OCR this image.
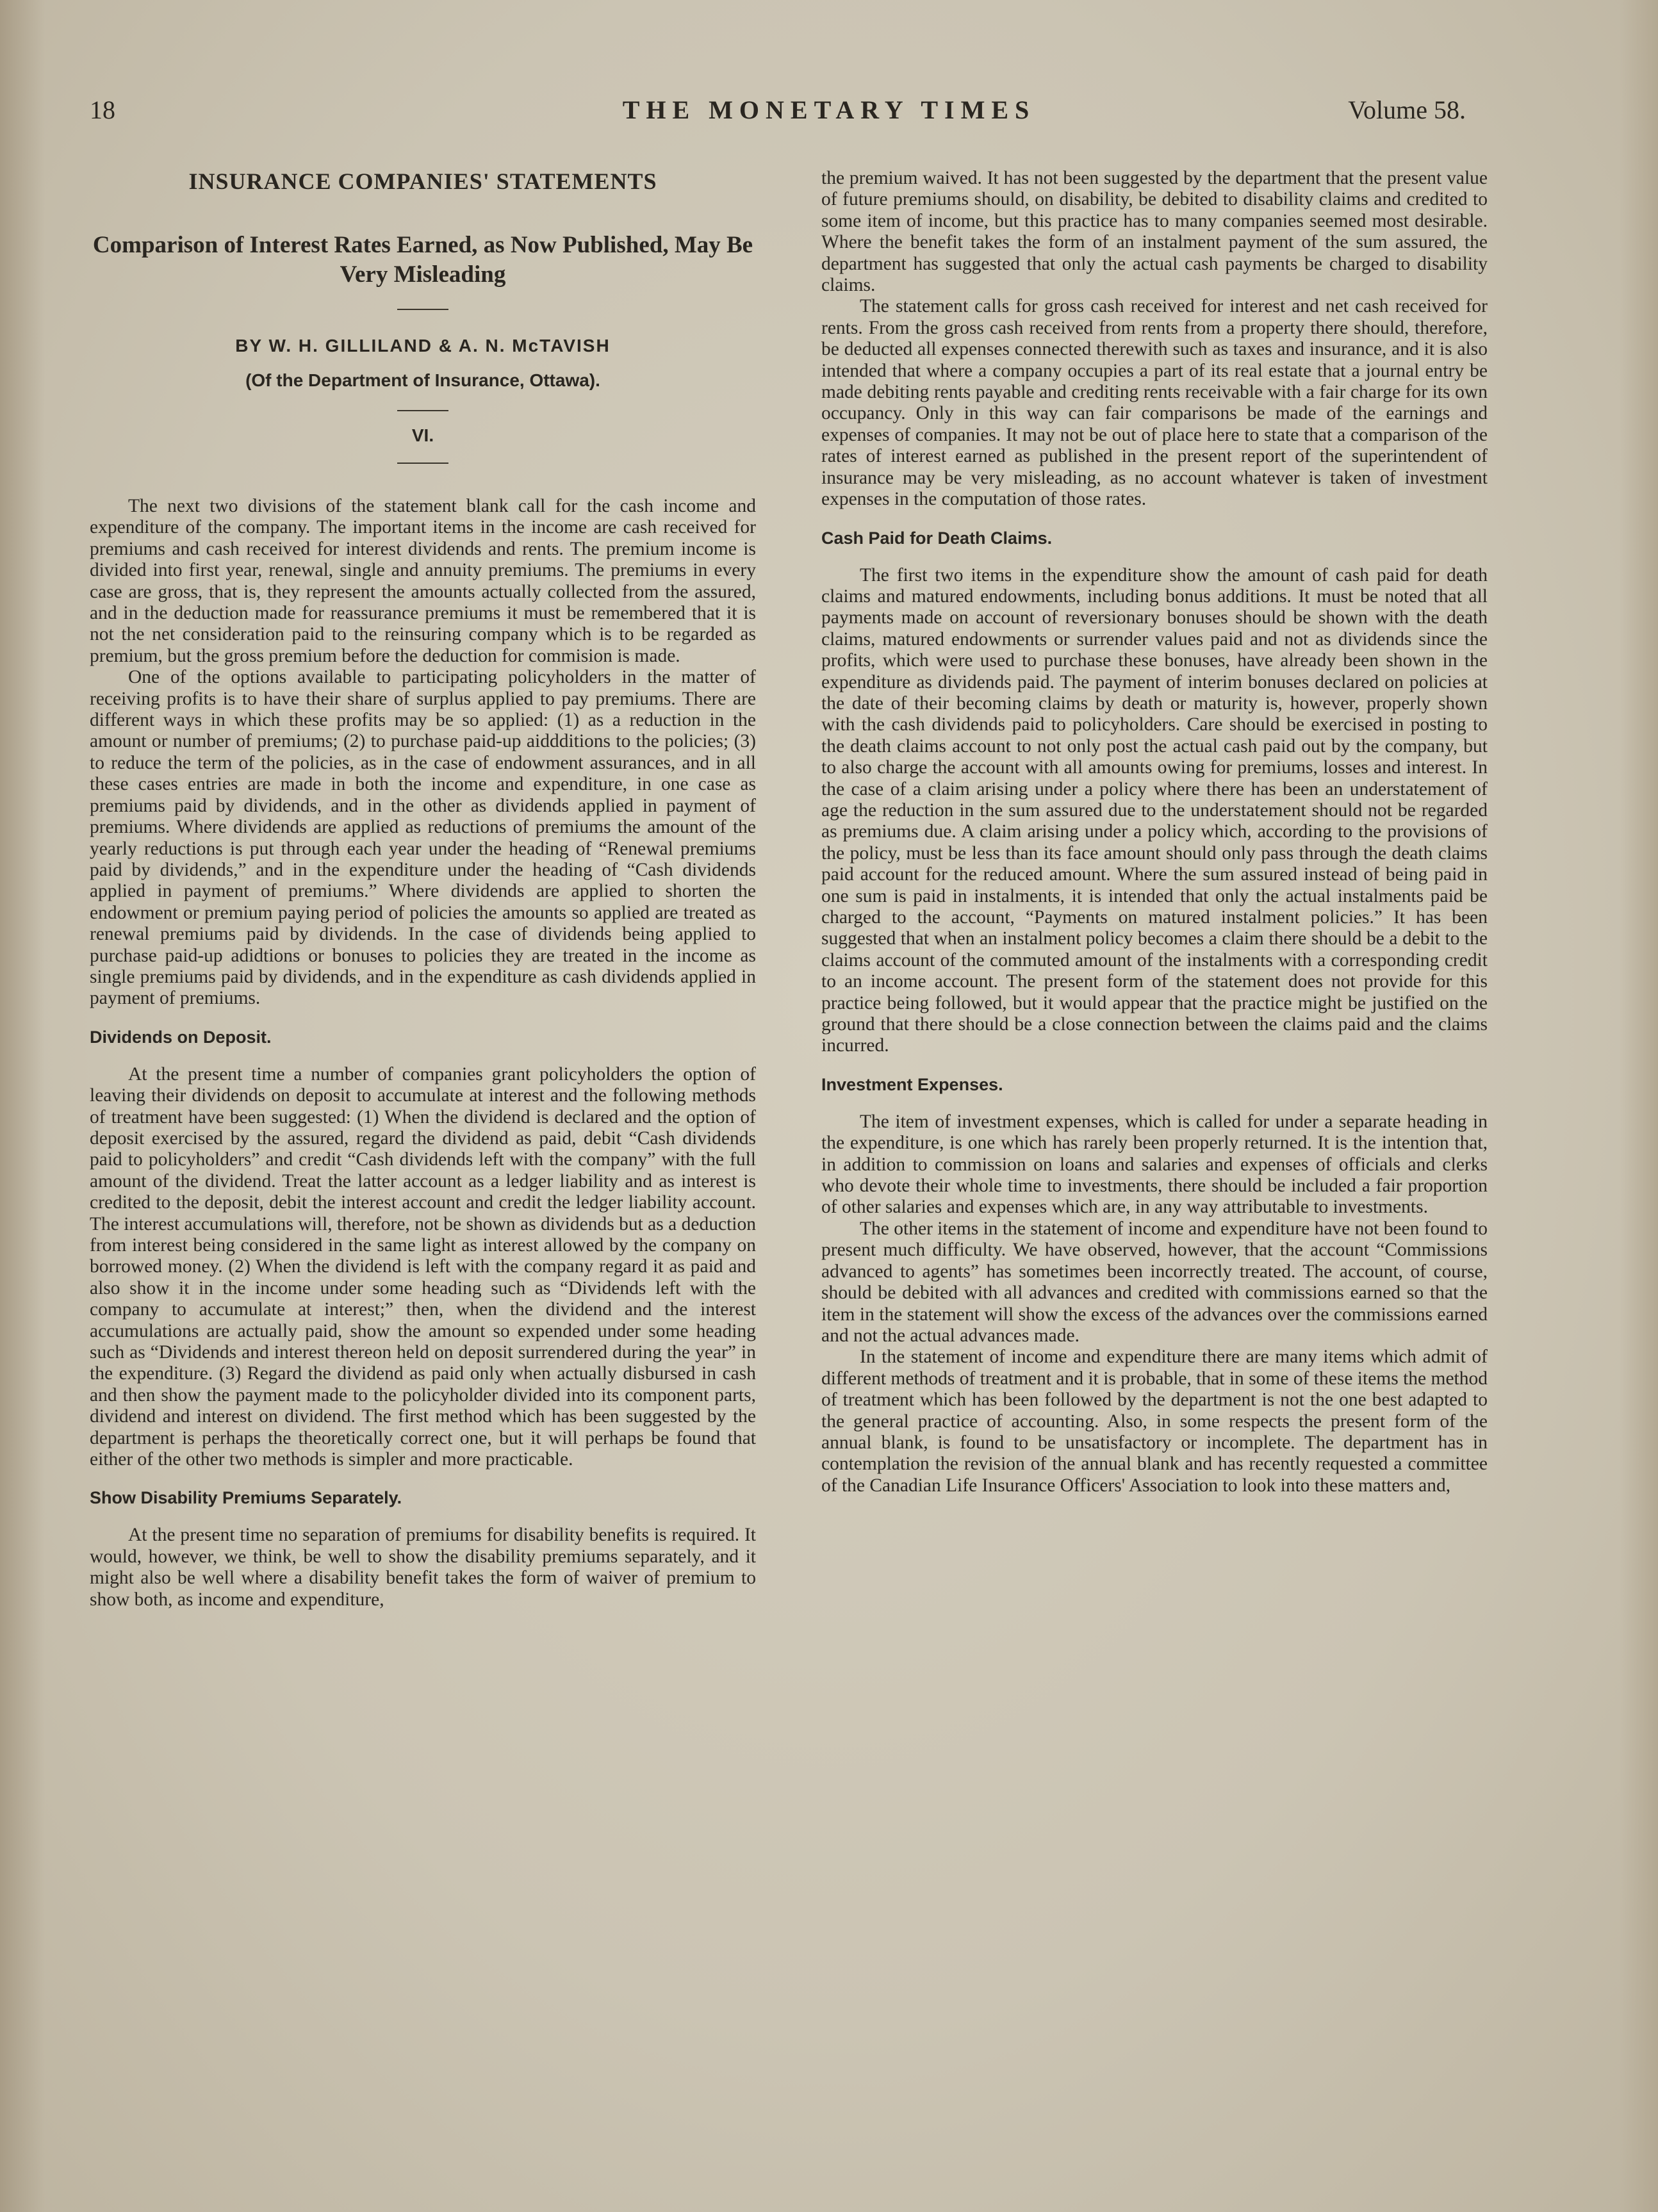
18	THE MONETARY TIMES	Volume 58.
INSURANCE COMPANIES' STATEMENTS
Comparison of Interest Rates Earned, as Now Published, May Be Very Misleading
BY W. H. GILLILAND & A. N. McTAVISH
(Of the Department of Insurance, Ottawa).
VI.

The next two divisions of the statement blank call for the cash income and expenditure of the company. The important items in the income are cash received for premiums and cash received for interest dividends and rents. The premium income is divided into first year, renewal, single and annuity premiums. The premiums in every case are gross, that is, they represent the amounts actually collected from the assured, and in the deduction made for reassurance premiums it must be remembered that it is not the net consideration paid to the reinsuring company which is to be regarded as premium, but the gross premium before the deduction for commision is made.

One of the options available to participating policyholders in the matter of receiving profits is to have their share of surplus applied to pay premiums. There are different ways in which these profits may be so applied: (1) as a reduction in the amount or number of premiums; (2) to purchase paid-up aiddditions to the policies; (3) to reduce the term of the policies, as in the case of endowment assurances, and in all these cases entries are made in both the income and expenditure, in one case as premiums paid by dividends, and in the other as dividends applied in payment of premiums. Where dividends are applied as reductions of premiums the amount of the yearly reductions is put through each year under the heading of “Renewal premiums paid by dividends,” and in the expenditure under the heading of “Cash dividends applied in payment of premiums.” Where dividends are applied to shorten the endowment or premium paying period of policies the amounts so applied are treated as renewal premiums paid by dividends. In the case of dividends being applied to purchase paid-up adidtions or bonuses to policies they are treated in the income as single premiums paid by dividends, and in the expenditure as cash dividends applied in payment of premiums.

Dividends on Deposit.

At the present time a number of companies grant policyholders the option of leaving their dividends on deposit to accumulate at interest and the following methods of treatment have been suggested: (1) When the dividend is declared and the option of deposit exercised by the assured, regard the dividend as paid, debit “Cash dividends paid to policyholders” and credit “Cash dividends left with the company” with the full amount of the dividend. Treat the latter account as a ledger liability and as interest is credited to the deposit, debit the interest account and credit the ledger liability account. The interest accumulations will, therefore, not be shown as dividends but as a deduction from interest being considered in the same light as interest allowed by the company on borrowed money. (2) When the dividend is left with the company regard it as paid and also show it in the income under some heading such as “Dividends left with the company to accumulate at interest;” then, when the dividend and the interest accumulations are actually paid, show the amount so expended under some heading such as “Dividends and interest thereon held on deposit surrendered during the year” in the expenditure. (3) Regard the dividend as paid only when actually disbursed in cash and then show the payment made to the policyholder divided into its component parts, dividend and interest on dividend. The first method which has been suggested by the department is perhaps the theoretically correct one, but it will perhaps be found that either of the other two methods is simpler and more practicable.

Show Disability Premiums Separately.

At the present time no separation of premiums for disability benefits is required. It would, however, we think, be well to show the disability premiums separately, and it might also be well where a disability benefit takes the form of waiver of premium to show both, as income and expenditure,

the premium waived. It has not been suggested by the department that the present value of future premiums should, on disability, be debited to disability claims and credited to some item of income, but this practice has to many companies seemed most desirable. Where the benefit takes the form of an instalment payment of the sum assured, the department has suggested that only the actual cash payments be charged to disability claims.

The statement calls for gross cash received for interest and net cash received for rents. From the gross cash received from rents from a property there should, therefore, be deducted all expenses connected therewith such as taxes and insurance, and it is also intended that where a company occupies a part of its real estate that a journal entry be made debiting rents payable and crediting rents receivable with a fair charge for its own occupancy. Only in this way can fair comparisons be made of the earnings and expenses of companies. It may not be out of place here to state that a comparison of the rates of interest earned as published in the present report of the superintendent of insurance may be very misleading, as no account whatever is taken of investment expenses in the computation of those rates.

Cash Paid for Death Claims.

The first two items in the expenditure show the amount of cash paid for death claims and matured endowments, including bonus additions. It must be noted that all payments made on account of reversionary bonuses should be shown with the death claims, matured endowments or surrender values paid and not as dividends since the profits, which were used to purchase these bonuses, have already been shown in the expenditure as dividends paid. The payment of interim bonuses declared on policies at the date of their becoming claims by death or maturity is, however, properly shown with the cash dividends paid to policyholders. Care should be exercised in posting to the death claims account to not only post the actual cash paid out by the company, but to also charge the account with all amounts owing for premiums, losses and interest. In the case of a claim arising under a policy where there has been an understatement of age the reduction in the sum assured due to the understatement should not be regarded as premiums due. A claim arising under a policy which, according to the provisions of the policy, must be less than its face amount should only pass through the death claims paid account for the reduced amount. Where the sum assured instead of being paid in one sum is paid in instalments, it is intended that only the actual instalments paid be charged to the account, “Payments on matured instalment policies.” It has been suggested that when an instalment policy becomes a claim there should be a debit to the claims account of the commuted amount of the instalments with a corresponding credit to an income account. The present form of the statement does not provide for this practice being followed, but it would appear that the practice might be justified on the ground that there should be a close connection between the claims paid and the claims incurred.

Investment Expenses.

The item of investment expenses, which is called for under a separate heading in the expenditure, is one which has rarely been properly returned. It is the intention that, in addition to commission on loans and salaries and expenses of officials and clerks who devote their whole time to investments, there should be included a fair proportion of other salaries and expenses which are, in any way attributable to investments.

The other items in the statement of income and expenditure have not been found to present much difficulty. We have observed, however, that the account “Commissions advanced to agents” has sometimes been incorrectly treated. The account, of course, should be debited with all advances and credited with commissions earned so that the item in the statement will show the excess of the advances over the commissions earned and not the actual advances made.

In the statement of income and expenditure there are many items which admit of different methods of treatment and it is probable, that in some of these items the method of treatment which has been followed by the department is not the one best adapted to the general practice of accounting. Also, in some respects the present form of the annual blank, is found to be unsatisfactory or incomplete. The department has in contemplation the revision of the annual blank and has recently requested a committee of the Canadian Life Insurance Officers' Association to look into these matters and,
